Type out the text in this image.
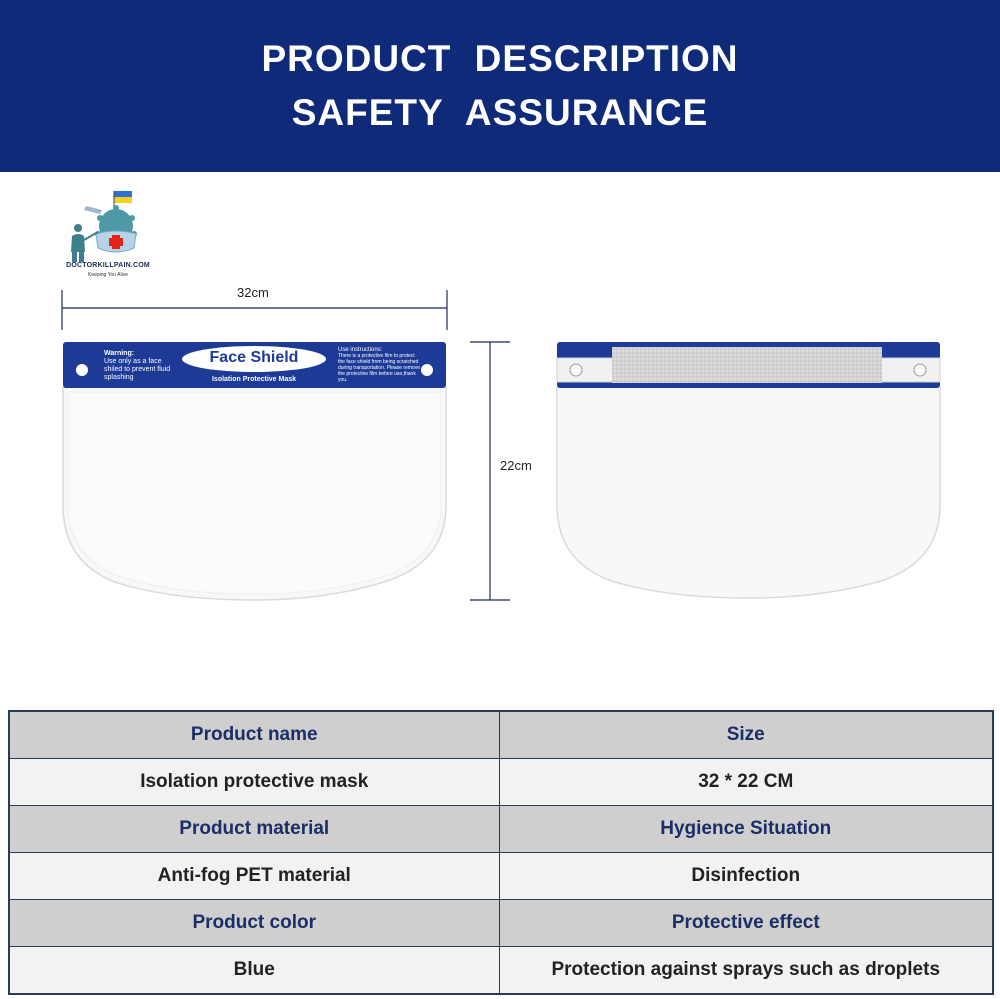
PRODUCT DESCRIPTION
SAFETY ASSURANCE
DOCTORKILLPAIN.COM
Keeping You Alive
32cm
22cm
Warning:
Use only as a face shiled to prevent fluid splashing
Face Shield
Isolation Protective Mask
Use instructions:
There is a protective film to protect the face shield from being scratched during transportation. Please remove the protective film before use,thank you.
Product name	Size
Isolation protective mask	32 * 22 CM
Product material	Hygience Situation
Anti-fog PET material	Disinfection
Product color	Protective effect
Blue	Protection against sprays such as droplets
